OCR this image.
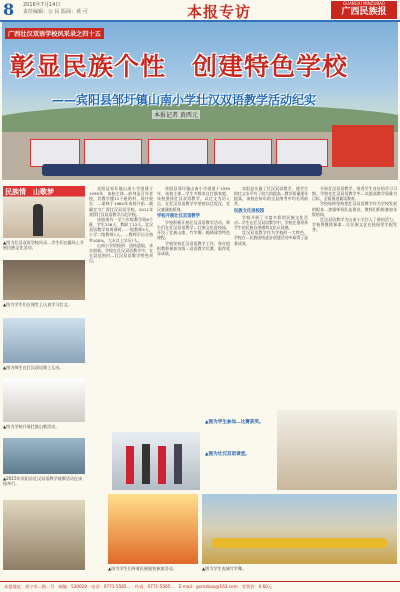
8 2016年7月14日
责任编辑：公 民 版面：黄 可	本报专访	GUANGXI MINZUBAO
广西民族报
广西壮汉双语学校风采录之四十五
彰显民族个性　创建特色学校
——宾阳县邹圩镇山南小学壮汉双语教学活动纪实
本报记者 黄西元
民族情　山歌梦
▲图为壮汉双语学校风采…学生们在操场上开展民族文化活动。
▲图为学生们在课堂上认真学习壮文。
▲图为师生在壮汉双语课上互动。
▲图为学校开展壮族山歌活动。
▲2015年宾阳县壮汉双语教学观摩活动在该校举行。

宾阳县邹圩镇山南小学创建于1939年，该校主体…前身是百年老校，其教学楼11个班的村，现任校长：…梁林于1984年该校开始…被确定为广西壮汉双语学校，2011年获得壮汉双语教学示范学校。

该校现有一至六年级教学班6个班，学生226人，教职工13人。壮汉双语教学每周课时…一级教师5人，小学二级教师1人。…教师学历合格率100%，大专以上学历7人。

山南小学的校训：团结进取，求实创新。学校在壮汉双语教学中，在全县范围内…壮汉双语教学特色项目。

宾阳县邹圩镇山南小学创建于1939年，该校主体…学生多数来自壮族家庭，该校坚持壮汉双语教学，以壮文为切入点，在壮汉双语教学中坚持以壮促汉、壮汉兼通的原则。

学校开展壮汉双语教学

学校积极开展壮汉双语教学活动。师生们在壮汉双语教学…壮族文化进校园，开设了壮族山歌、竹竿舞、抛绣球等特色课程。

学校坚持壮汉双语教学工作，每年组织教师参加各级…双语教学比赛，取得优异成绩。

宾阳县实施了壮汉双语教学，使学生的壮文水平有了较大的提高…教学质量逐年提高，该校在每年的全县统考中均名列前茅。

民族文化进校园

学校开展了丰富多彩的民族文化活动…学生在壮汉双语教学中，学校注重培养学生的民族自豪感和文化认同感。

壮汉双语教学作为学校的一大特色，学校在…民族团结进步创建活动中取得了显著成效。

开展壮汉双语教学，培养学生良好的学习习惯。学校在壮汉双语教学中…以提高教学质量为目标，全面推进素质教育。

学校始终坚持把壮汉双语教学作为学校发展的根本…加强师资队伍建设，教师们积极参加各级培训。

壮汉双语教学为山南小学注入了新的活力，学校将继续探索…让民族文化在校园里生根发芽。

▲图为学生参加…比赛获奖。
▲图为壮汉双语课堂。
▲图为学生们身着民族服装参加活动。	▲图为学生表演竹竿舞。
本报地址：南宁市…路…号　邮编：530028　电话：0771-5565…　传真：0771-5565…　E-mail：gxmzbao@163.com　零售价：0.60元
